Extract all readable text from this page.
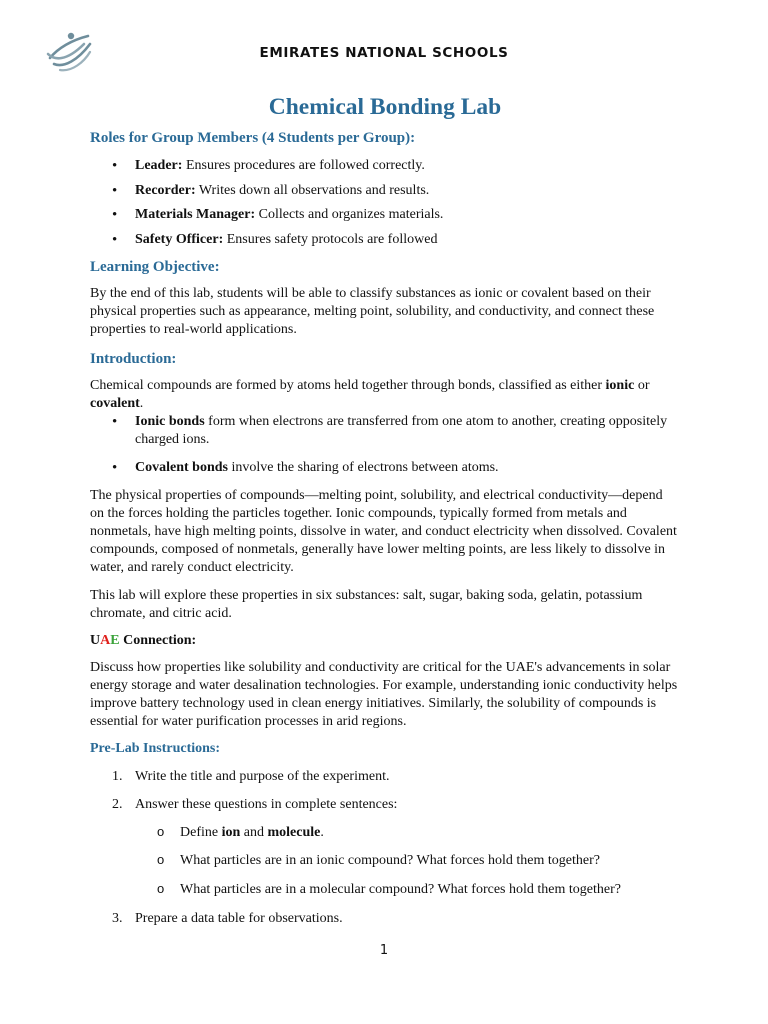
EMIRATES NATIONAL SCHOOLS
Chemical Bonding Lab
Roles for Group Members (4 Students per Group):
• Leader: Ensures procedures are followed correctly.
• Recorder: Writes down all observations and results.
• Materials Manager: Collects and organizes materials.
• Safety Officer: Ensures safety protocols are followed
Learning Objective:

By the end of this lab, students will be able to classify substances as ionic or covalent based on their physical properties such as appearance, melting point, solubility, and conductivity, and connect these properties to real-world applications.

Introduction:

Chemical compounds are formed by atoms held together through bonds, classified as either ionic or covalent.

• Ionic bonds form when electrons are transferred from one atom to another, creating oppositely charged ions.
• Covalent bonds involve the sharing of electrons between atoms.

The physical properties of compounds—melting point, solubility, and electrical conductivity—depend on the forces holding the particles together. Ionic compounds, typically formed from metals and nonmetals, have high melting points, dissolve in water, and conduct electricity when dissolved. Covalent compounds, composed of nonmetals, generally have lower melting points, are less likely to dissolve in water, and rarely conduct electricity.

This lab will explore these properties in six substances: salt, sugar, baking soda, gelatin, potassium chromate, and citric acid.

UAE Connection:

Discuss how properties like solubility and conductivity are critical for the UAE's advancements in solar energy storage and water desalination technologies. For example, understanding ionic conductivity helps improve battery technology used in clean energy initiatives. Similarly, the solubility of compounds is essential for water purification processes in arid regions.

Pre-Lab Instructions:
1. Write the title and purpose of the experiment.
2. Answer these questions in complete sentences:
o Define ion and molecule.
o What particles are in an ionic compound? What forces hold them together?
o What particles are in a molecular compound? What forces hold them together?
3. Prepare a data table for observations.
1
